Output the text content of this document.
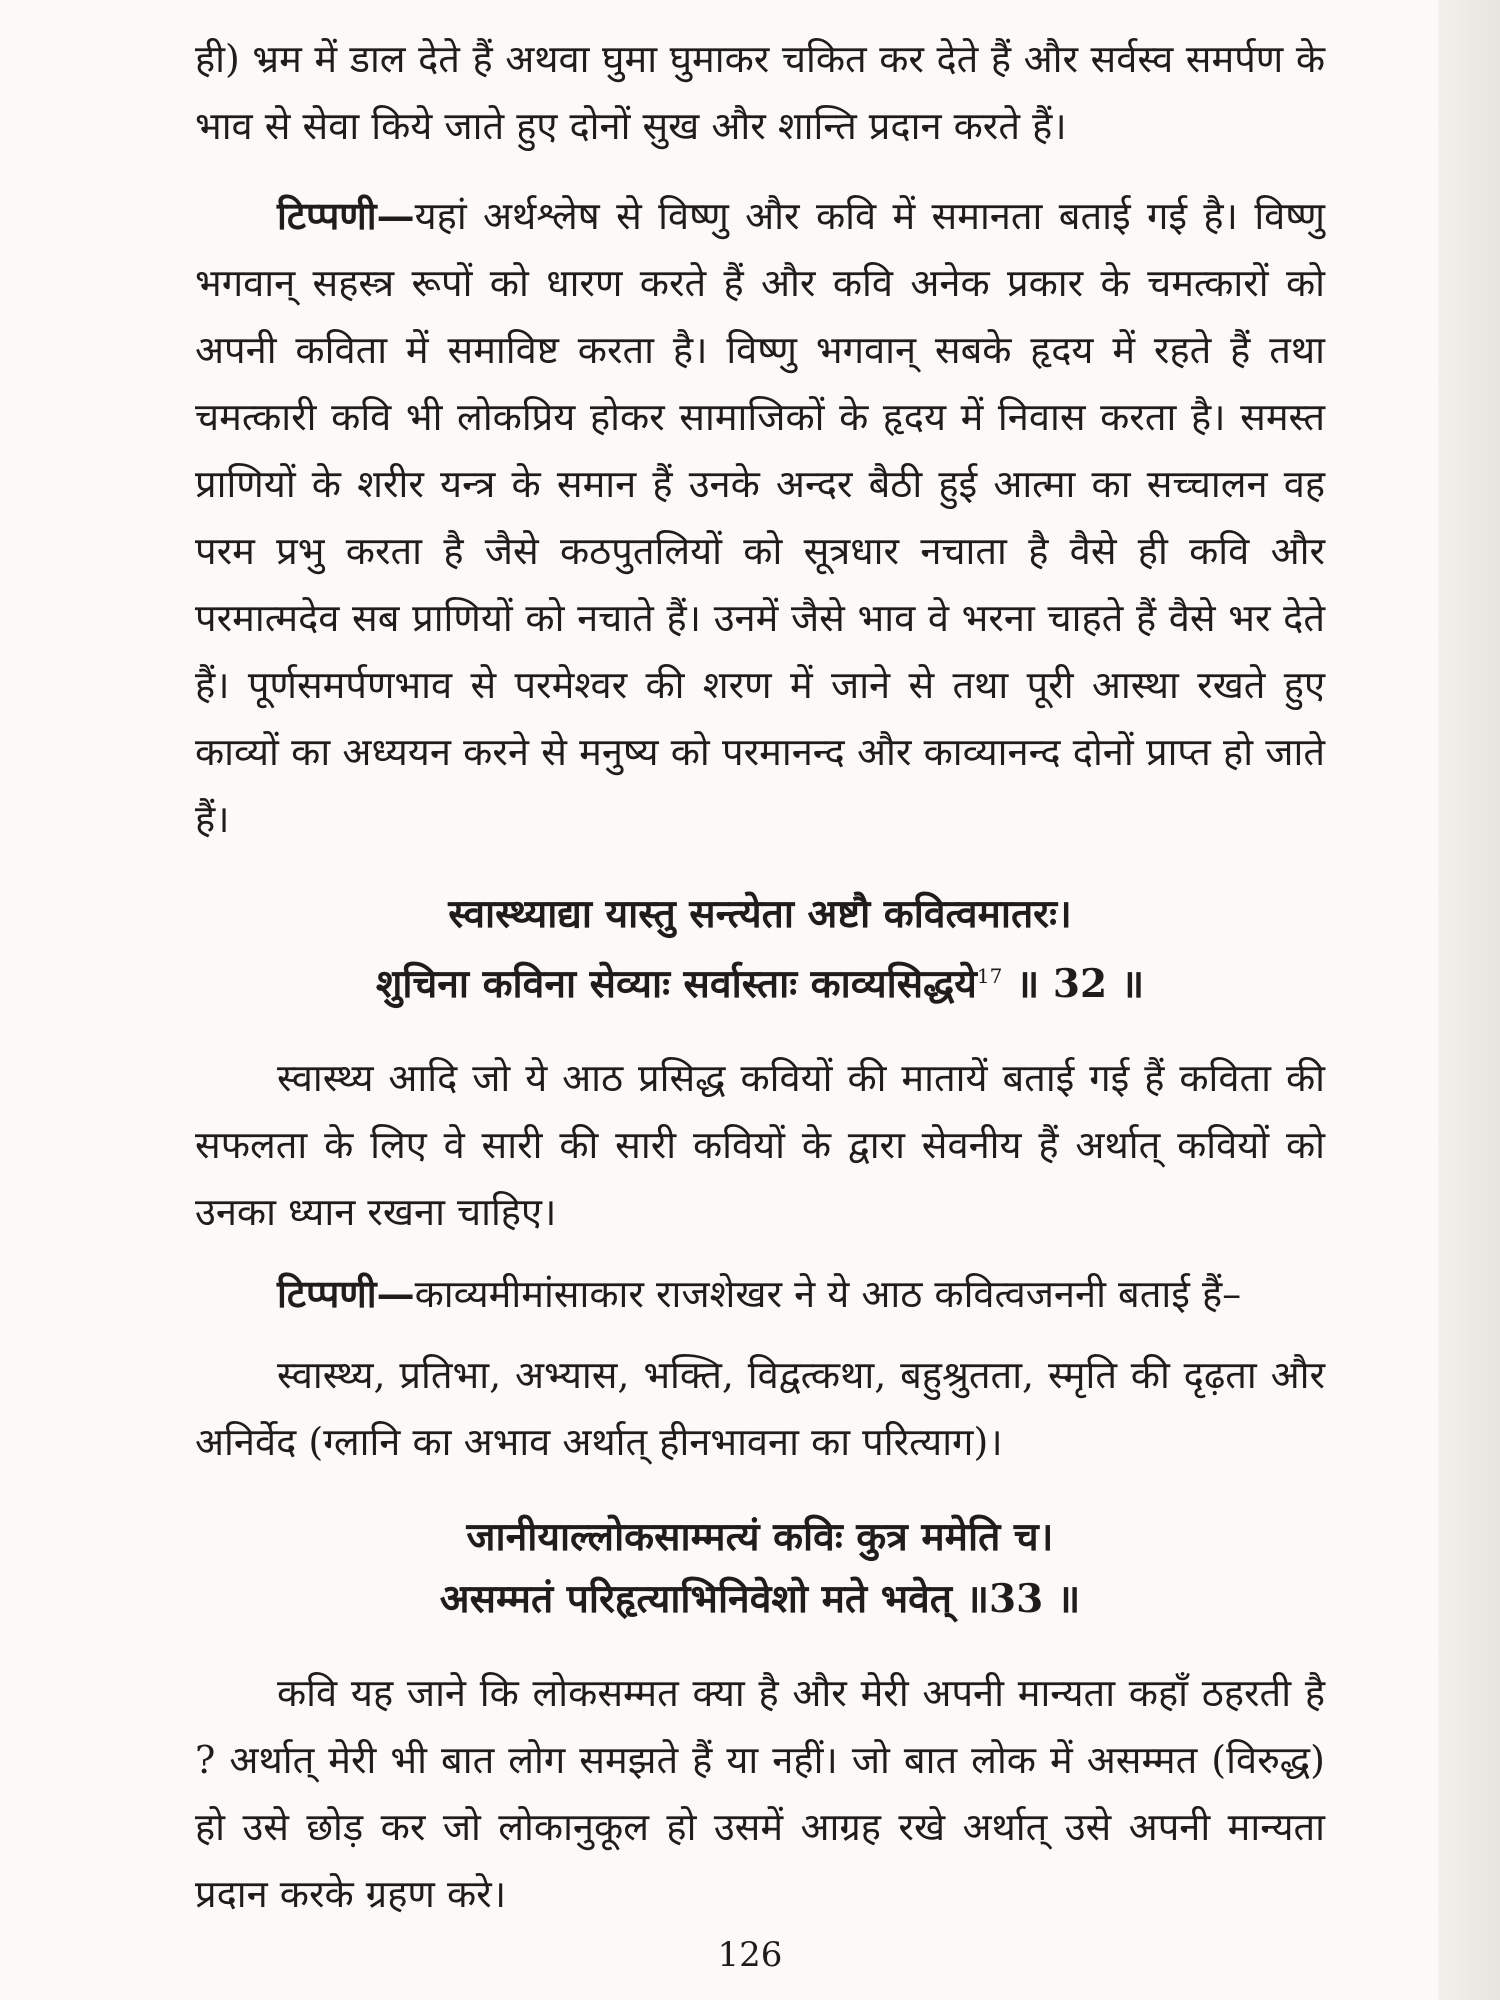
ही) भ्रम में डाल देते हैं अथवा घुमा घुमाकर चकित कर देते हैं और सर्वस्व समर्पण के भाव से सेवा किये जाते हुए दोनों सुख और शान्ति प्रदान करते हैं।

टिप्पणी—यहां अर्थश्लेष से विष्णु और कवि में समानता बताई गई है। विष्णु भगवान् सहस्त्र रूपों को धारण करते हैं और कवि अनेक प्रकार के चमत्कारों को अपनी कविता में समाविष्ट करता है। विष्णु भगवान् सबके हृदय में रहते हैं तथा चमत्कारी कवि भी लोकप्रिय होकर सामाजिकों के हृदय में निवास करता है। समस्त प्राणियों के शरीर यन्त्र के समान हैं उनके अन्दर बैठी हुई आत्मा का सच्चालन वह परम प्रभु करता है जैसे कठपुतलियों को सूत्रधार नचाता है वैसे ही कवि और परमात्मदेव सब प्राणियों को नचाते हैं। उनमें जैसे भाव वे भरना चाहते हैं वैसे भर देते हैं। पूर्णसमर्पणभाव से परमेश्वर की शरण में जाने से तथा पूरी आस्था रखते हुए काव्यों का अध्ययन करने से मनुष्य को परमानन्द और काव्यानन्द दोनों प्राप्त हो जाते हैं।

स्वास्थ्याद्या यास्तु सन्त्येता अष्टौ कवित्वमातरः।
शुचिना कविना सेव्याः सर्वास्ताः काव्यसिद्धये$^{17}$ ॥ 32 ॥

स्वास्थ्य आदि जो ये आठ प्रसिद्ध कवियों की मातायें बताई गई हैं कविता की सफलता के लिए वे सारी की सारी कवियों के द्वारा सेवनीय हैं अर्थात् कवियों को उनका ध्यान रखना चाहिए।

टिप्पणी—काव्यमीमांसाकार राजशेखर ने ये आठ कवित्वजननी बताई हैं–

स्वास्थ्य, प्रतिभा, अभ्यास, भक्ति, विद्वत्कथा, बहुश्रुतता, स्मृति की दृढ़ता और अनिर्वेद (ग्लानि का अभाव अर्थात् हीनभावना का परित्याग)।

जानीयाल्लोकसाम्मत्यं कविः कुत्र ममेति च।
असम्मतं परिहृत्याभिनिवेशो मते भवेत् ॥33 ॥

कवि यह जाने कि लोकसम्मत क्या है और मेरी अपनी मान्यता कहाँ ठहरती है ? अर्थात् मेरी भी बात लोग समझते हैं या नहीं। जो बात लोक में असम्मत (विरुद्ध) हो उसे छोड़ कर जो लोकानुकूल हो उसमें आग्रह रखे अर्थात् उसे अपनी मान्यता प्रदान करके ग्रहण करे।

126
